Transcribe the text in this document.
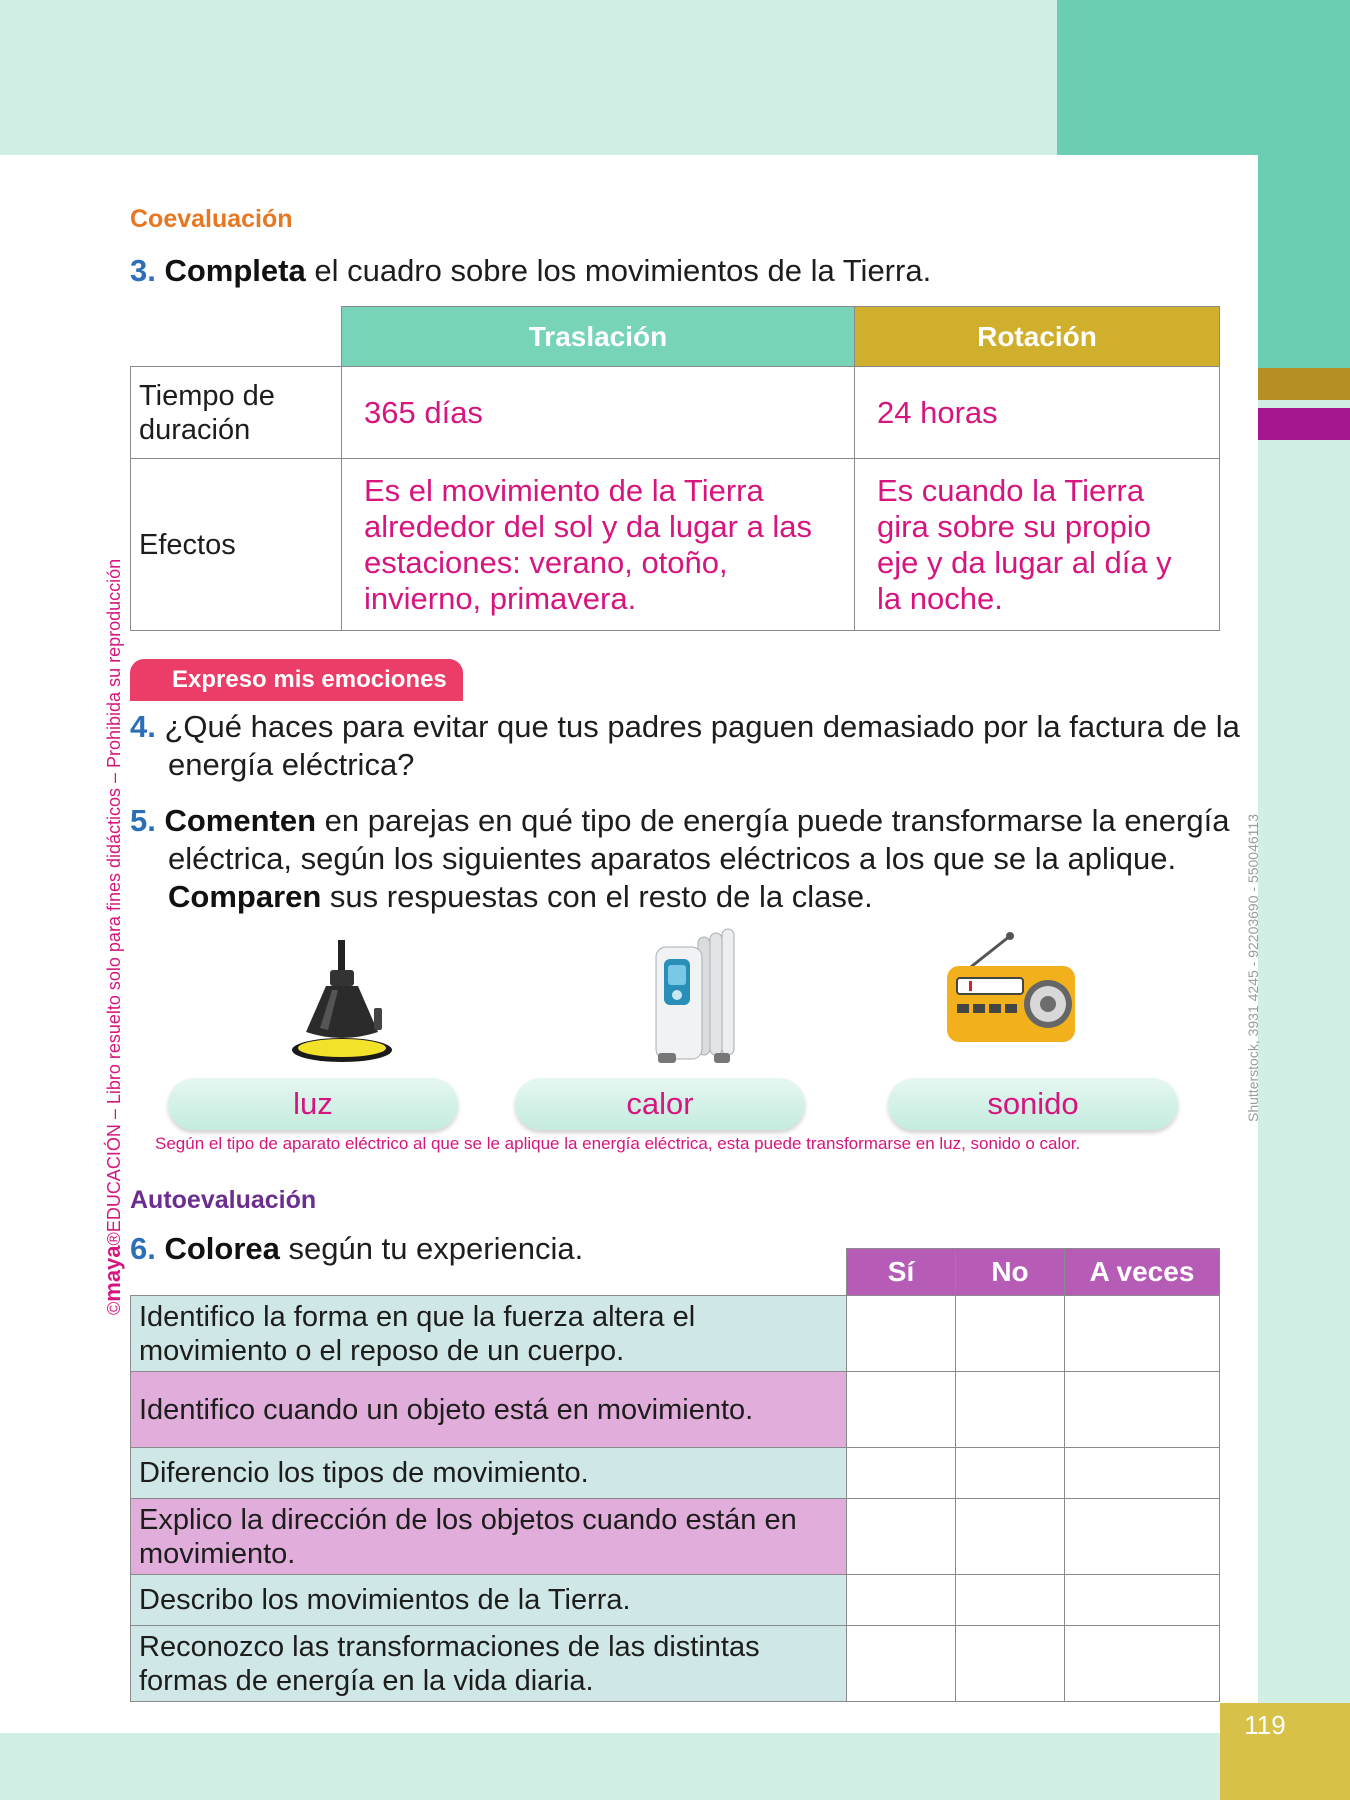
119
©maya®EDUCACIÓN – Libro resuelto solo para fines didácticos – Prohibida su reproducción	Shutterstock, 3931 4245 - 92203690 - 550046113
Coevaluación
3. Completa el cuadro sobre los movimientos de la Tierra.
	Traslación	Rotación
Tiempo de duración	365 días	24 horas
Efectos	Es el movimiento de la Tierra alrededor del sol y da lugar a las estaciones: verano, otoño, invierno, primavera.	Es cuando la Tierra gira sobre su propio eje y da lugar al día y la noche.
Expreso mis emociones
4. ¿Qué haces para evitar que tus padres paguen demasiado por la factura de la energía eléctrica?
5. Comenten en parejas en qué tipo de energía puede transformarse la energía eléctrica, según los siguientes aparatos eléctricos a los que se la aplique. Comparen sus respuestas con el resto de la clase.
luz	calor	sonido
Según el tipo de aparato eléctrico al que se le aplique la energía eléctrica, esta puede transformarse en luz, sonido o calor.
Autoevaluación
6. Colorea según tu experiencia.
	Sí	No	A veces
Identifico la forma en que la fuerza altera el movimiento o el reposo de un cuerpo.			
Identifico cuando un objeto está en movimiento.			
Diferencio los tipos de movimiento.			
Explico la dirección de los objetos cuando están en movimiento.			
Describo los movimientos de la Tierra.			
Reconozco las transformaciones de las distintas formas de energía en la vida diaria.			
